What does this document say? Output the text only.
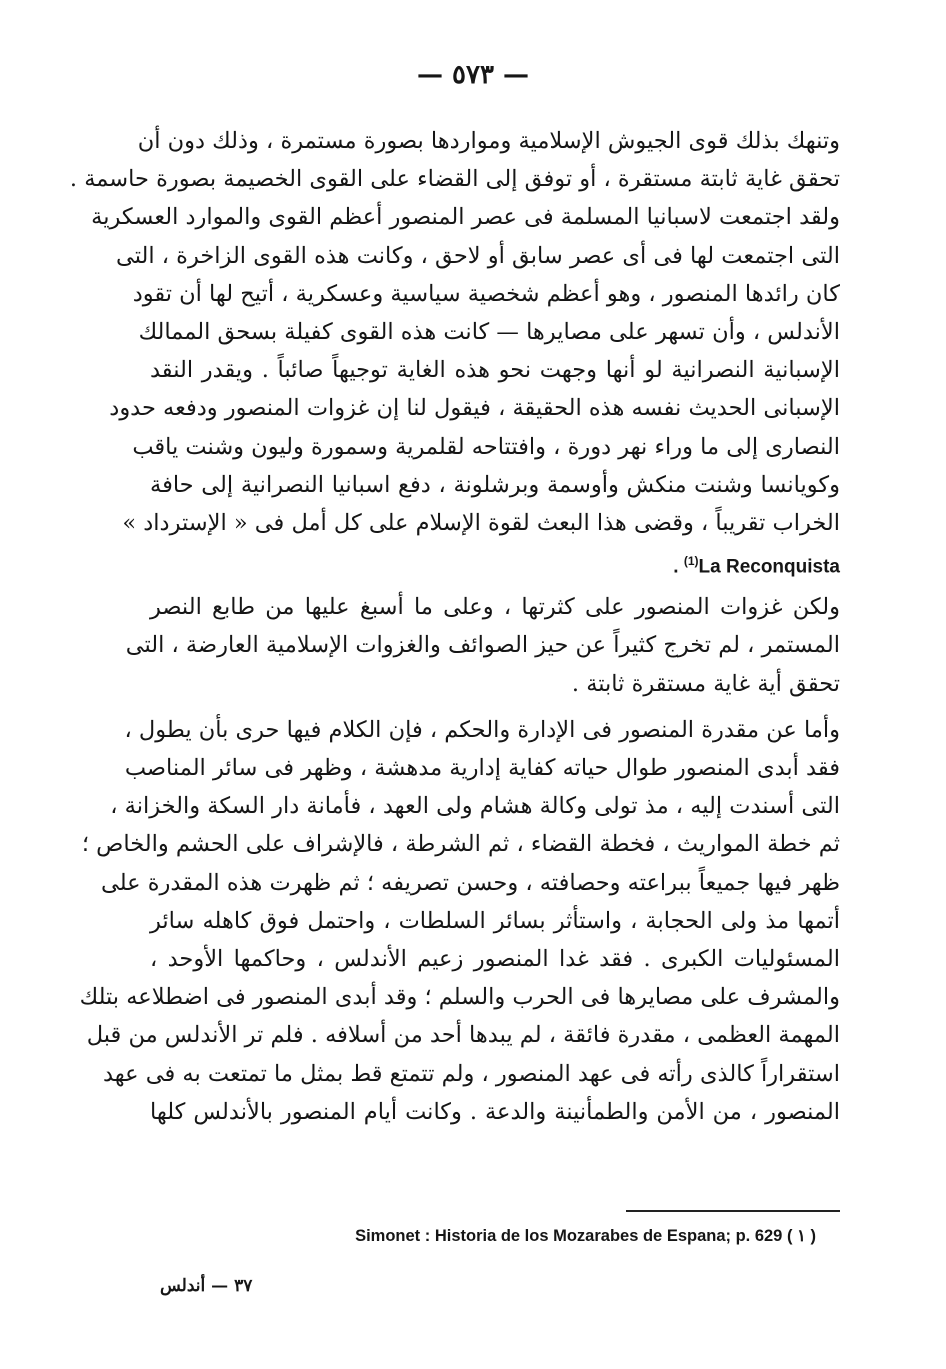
— ٥٧٣ —
وتنهك بذلك قوى الجيوش الإسلامية ومواردها بصورة مستمرة ، وذلك دون أن
تحقق غاية ثابتة مستقرة ، أو توفق إلى القضاء على القوى الخصيمة بصورة حاسمة .
ولقد اجتمعت لاسبانيا المسلمة فى عصر المنصور أعظم القوى والموارد العسكرية
التى اجتمعت لها فى أى عصر سابق أو لاحق ، وكانت هذه القوى الزاخرة ، التى
كان رائدها المنصور ، وهو أعظم شخصية سياسية وعسكرية ، أتيح لها أن تقود
الأندلس ، وأن تسهر على مصايرها — كانت هذه القوى كفيلة بسحق الممالك
الإسبانية النصرانية لو أنها وجهت نحو هذه الغاية توجيهاً صائباً . ويقدر النقد
الإسبانى الحديث نفسه هذه الحقيقة ، فيقول لنا إن غزوات المنصور ودفعه حدود
النصارى إلى ما وراء نهر دورة ، وافتتاحه لقلمرية وسمورة وليون وشنت ياقب
وكويانسا وشنت منكش وأوسمة وبرشلونة ، دفع اسبانيا النصرانية إلى حافة
الخراب تقريباً ، وقضى هذا البعث لقوة الإسلام على كل أمل فى « الإسترداد »
. $^{(1)}$La Reconquista
ولكن غزوات المنصور على كثرتها ، وعلى ما أسبغ عليها من طابع النصر
المستمر ، لم تخرج كثيراً عن حيز الصوائف والغزوات الإسلامية العارضة ، التى
تحقق أية غاية مستقرة ثابتة .
وأما عن مقدرة المنصور فى الإدارة والحكم ، فإن الكلام فيها حرى بأن يطول ،
فقد أبدى المنصور طوال حياته كفاية إدارية مدهشة ، وظهر فى سائر المناصب
التى أسندت إليه ، مذ تولى وكالة هشام ولى العهد ، فأمانة دار السكة والخزانة ،
ثم خطة المواريث ، فخطة القضاء ، ثم الشرطة ، فالإشراف على الحشم والخاص ؛
ظهر فيها جميعاً ببراعته وحصافته ، وحسن تصريفه ؛ ثم ظهرت هذه المقدرة على
أتمها مذ ولى الحجابة ، واستأثر بسائر السلطات ، واحتمل فوق كاهله سائر
المسئوليات الكبرى . فقد غدا المنصور زعيم الأندلس ، وحاكمها الأوحد ،
والمشرف على مصايرها فى الحرب والسلم ؛ وقد أبدى المنصور فى اضطلاعه بتلك
المهمة العظمى ، مقدرة فائقة ، لم يبدها أحد من أسلافه . فلم تر الأندلس من قبل
استقراراً كالذى رأته فى عهد المنصور ، ولم تتمتع قط بمثل ما تمتعت به فى عهد
المنصور ، من الأمن والطمأنينة والدعة . وكانت أيام المنصور بالأندلس كلها
Simonet : Historia de los Mozarabes de Espana; p. 629 ( ١ )
٣٧ — أندلس
